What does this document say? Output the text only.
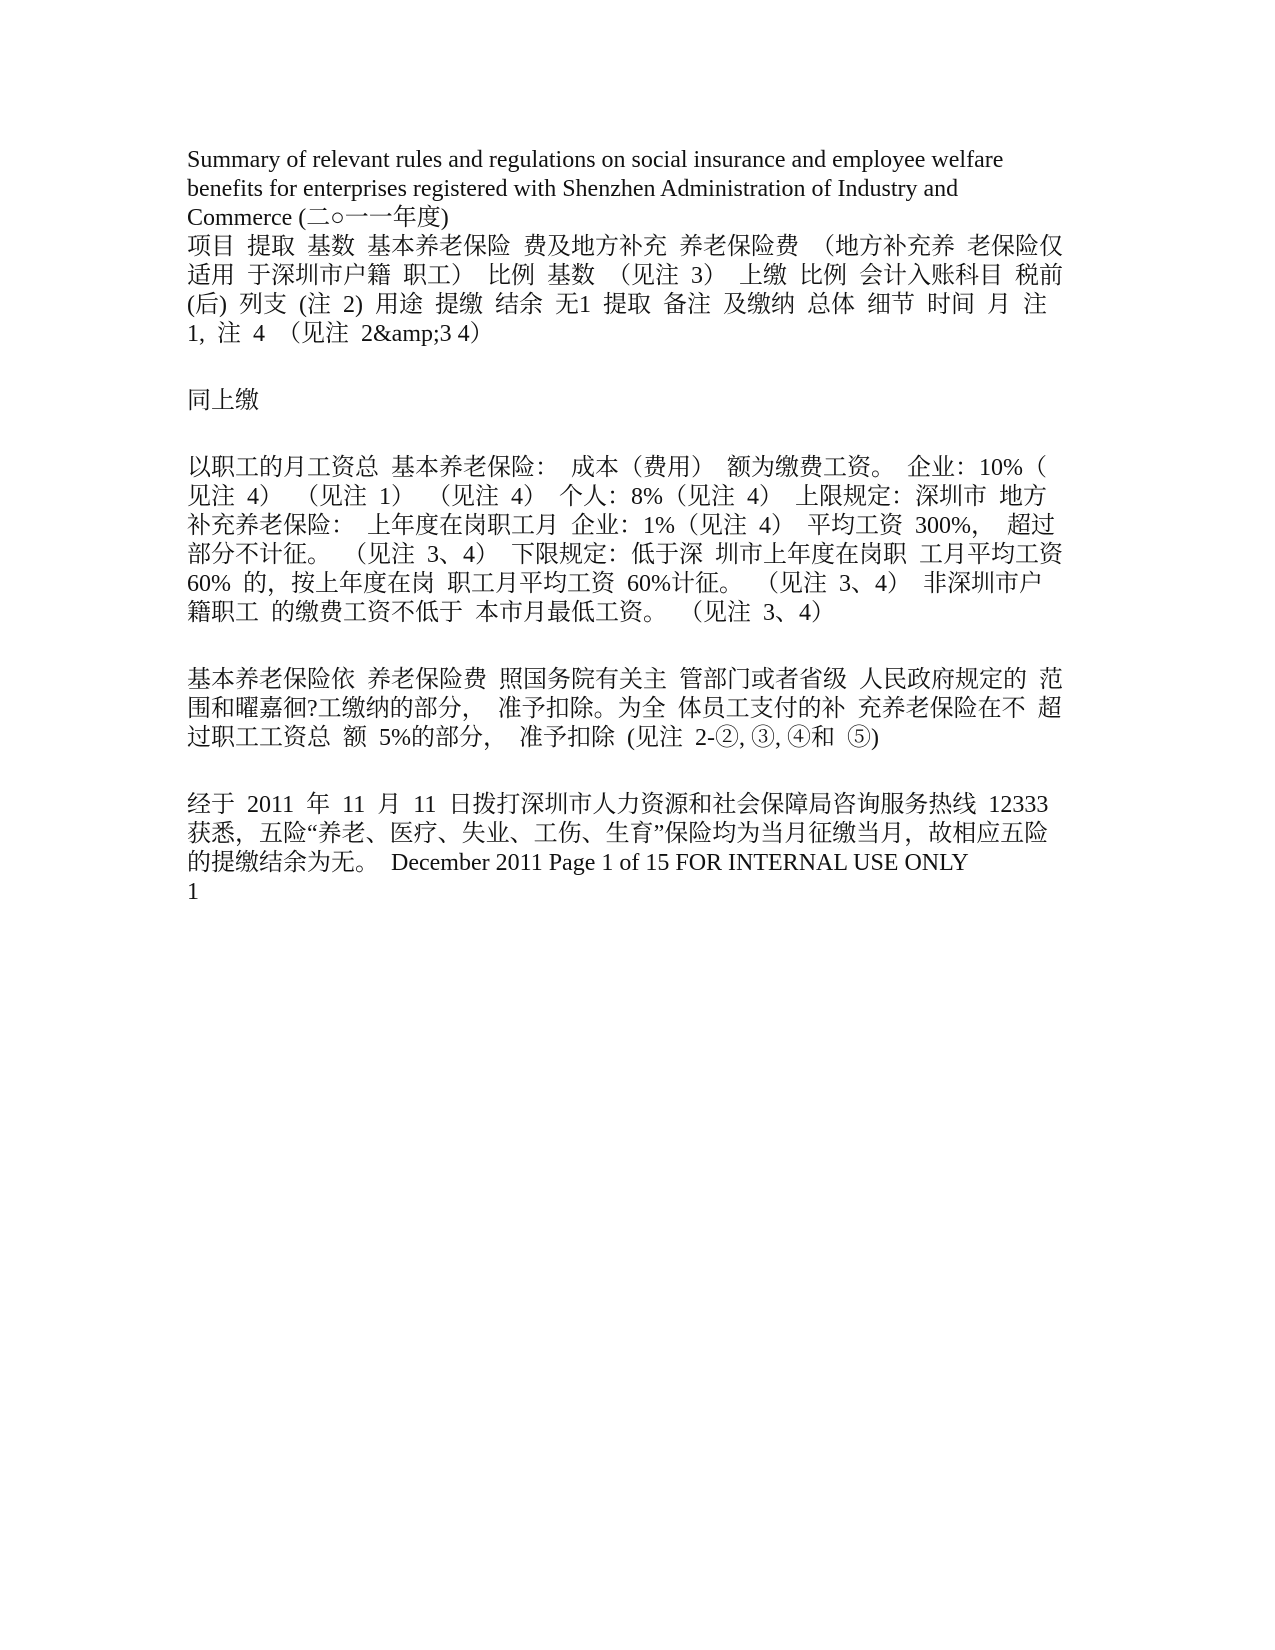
Summary of relevant rules and regulations on social insurance and employee welfare
benefits for enterprises registered with Shenzhen Administration of Industry and
Commerce (二○一一年度)
项目  提取  基数  基本养老保险  费及地方补充  养老保险费  （地方补充养  老保险仅
适用  于深圳市户籍  职工）  比例  基数  （见注  3）  上缴  比例  会计入账科目  税前
(后)  列支  (注  2)  用途  提缴  结余  无1  提取  备注  及缴纳  总体  细节  时间  月  注
1,  注  4  （见注  2&amp;3 4）
同上缴
以职工的月工资总  基本养老保险：  成本（费用）  额为缴费工资。  企业：10%（
见注  4）  （见注  1）  （见注  4）  个人：8%（见注  4）  上限规定：深圳市  地方
补充养老保险：  上年度在岗职工月  企业：1%（见注  4）  平均工资  300%，  超过
部分不计征。  （见注  3、4）  下限规定：低于深  圳市上年度在岗职  工月平均工资
60%  的，按上年度在岗  职工月平均工资  60%计征。  （见注  3、4）  非深圳市户
籍职工  的缴费工资不低于  本市月最低工资。  （见注  3、4）
基本养老保险依  养老保险费  照国务院有关主  管部门或者省级  人民政府规定的  范
围和曜嘉徊?工缴纳的部分，  准予扣除。为全  体员工支付的补  充养老保险在不  超
过职工工资总  额  5%的部分，  准予扣除  (见注  2-②, ③, ④和  ⑤)
经于  2011  年  11  月  11  日拨打深圳市人力资源和社会保障局咨询服务热线  12333
获悉，五险“养老、医疗、失业、工伤、生育”保险均为当月征缴当月，故相应五险
的提缴结余为无。  December 2011 Page 1 of 15 FOR INTERNAL USE ONLY
1
